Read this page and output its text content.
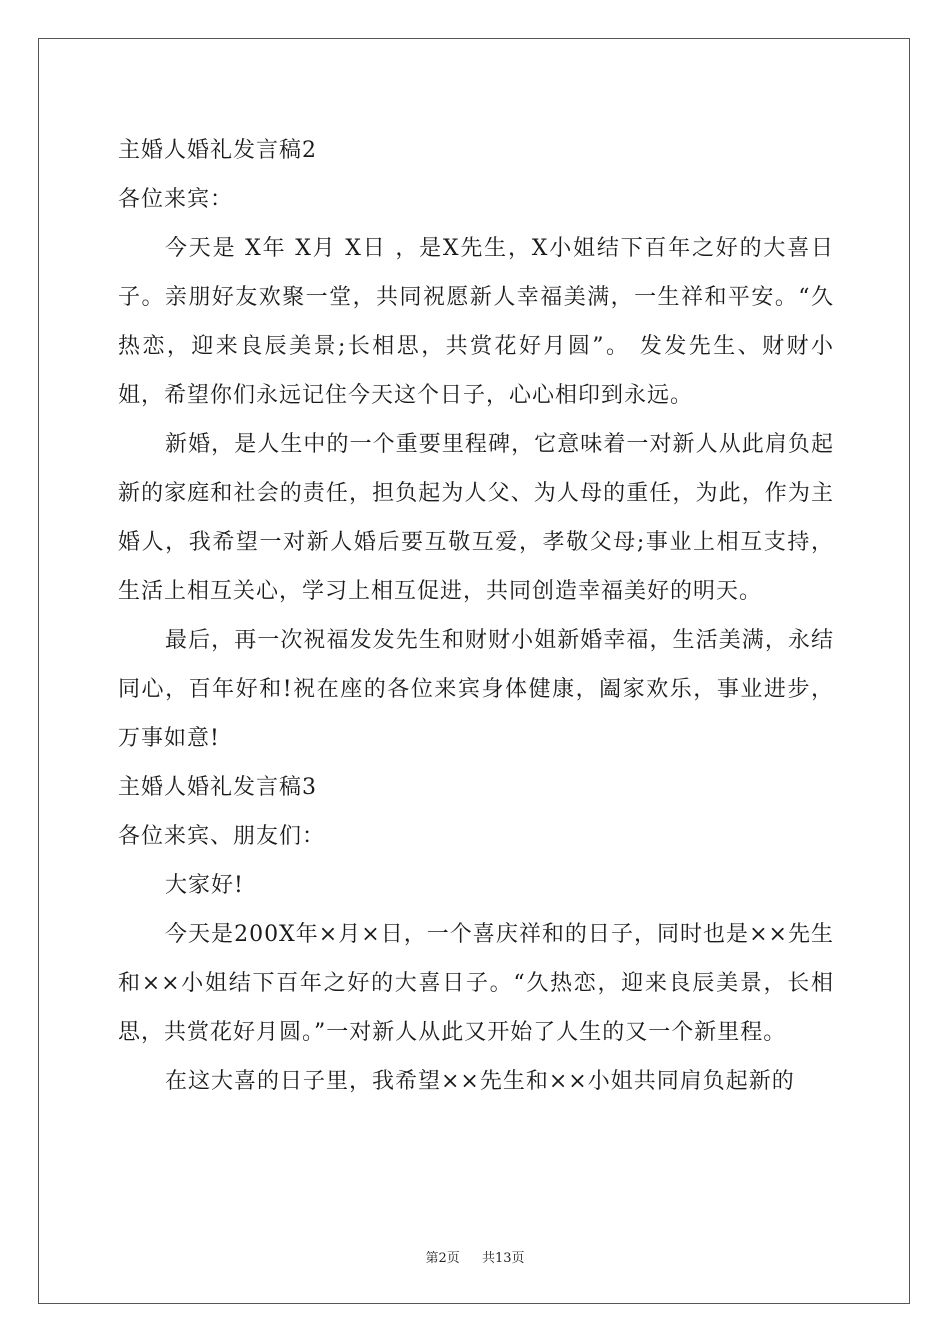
主婚人婚礼发言稿2

各位来宾：

今天是 X年 X月 X日 ，是X先生，X小姐结下百年之好的大喜日子。亲朋好友欢聚一堂，共同祝愿新人幸福美满，一生祥和平安。“久热恋，迎来良辰美景;长相思，共赏花好月圆”。 发发先生、财财小姐，希望你们永远记住今天这个日子，心心相印到永远。

新婚，是人生中的一个重要里程碑，它意味着一对新人从此肩负起新的家庭和社会的责任，担负起为人父、为人母的重任，为此，作为主婚人，我希望一对新人婚后要互敬互爱，孝敬父母;事业上相互支持，生活上相互关心，学习上相互促进，共同创造幸福美好的明天。

最后，再一次祝福发发先生和财财小姐新婚幸福，生活美满，永结同心，百年好和!祝在座的各位来宾身体健康，阖家欢乐，事业进步，万事如意!

主婚人婚礼发言稿3

各位来宾、朋友们：

大家好!

今天是200X年×月×日，一个喜庆祥和的日子，同时也是××先生和××小姐结下百年之好的大喜日子。“久热恋，迎来良辰美景，长相思，共赏花好月圆。”一对新人从此又开始了人生的又一个新里程。

在这大喜的日子里，我希望××先生和××小姐共同肩负起新的

第2页 共13页
